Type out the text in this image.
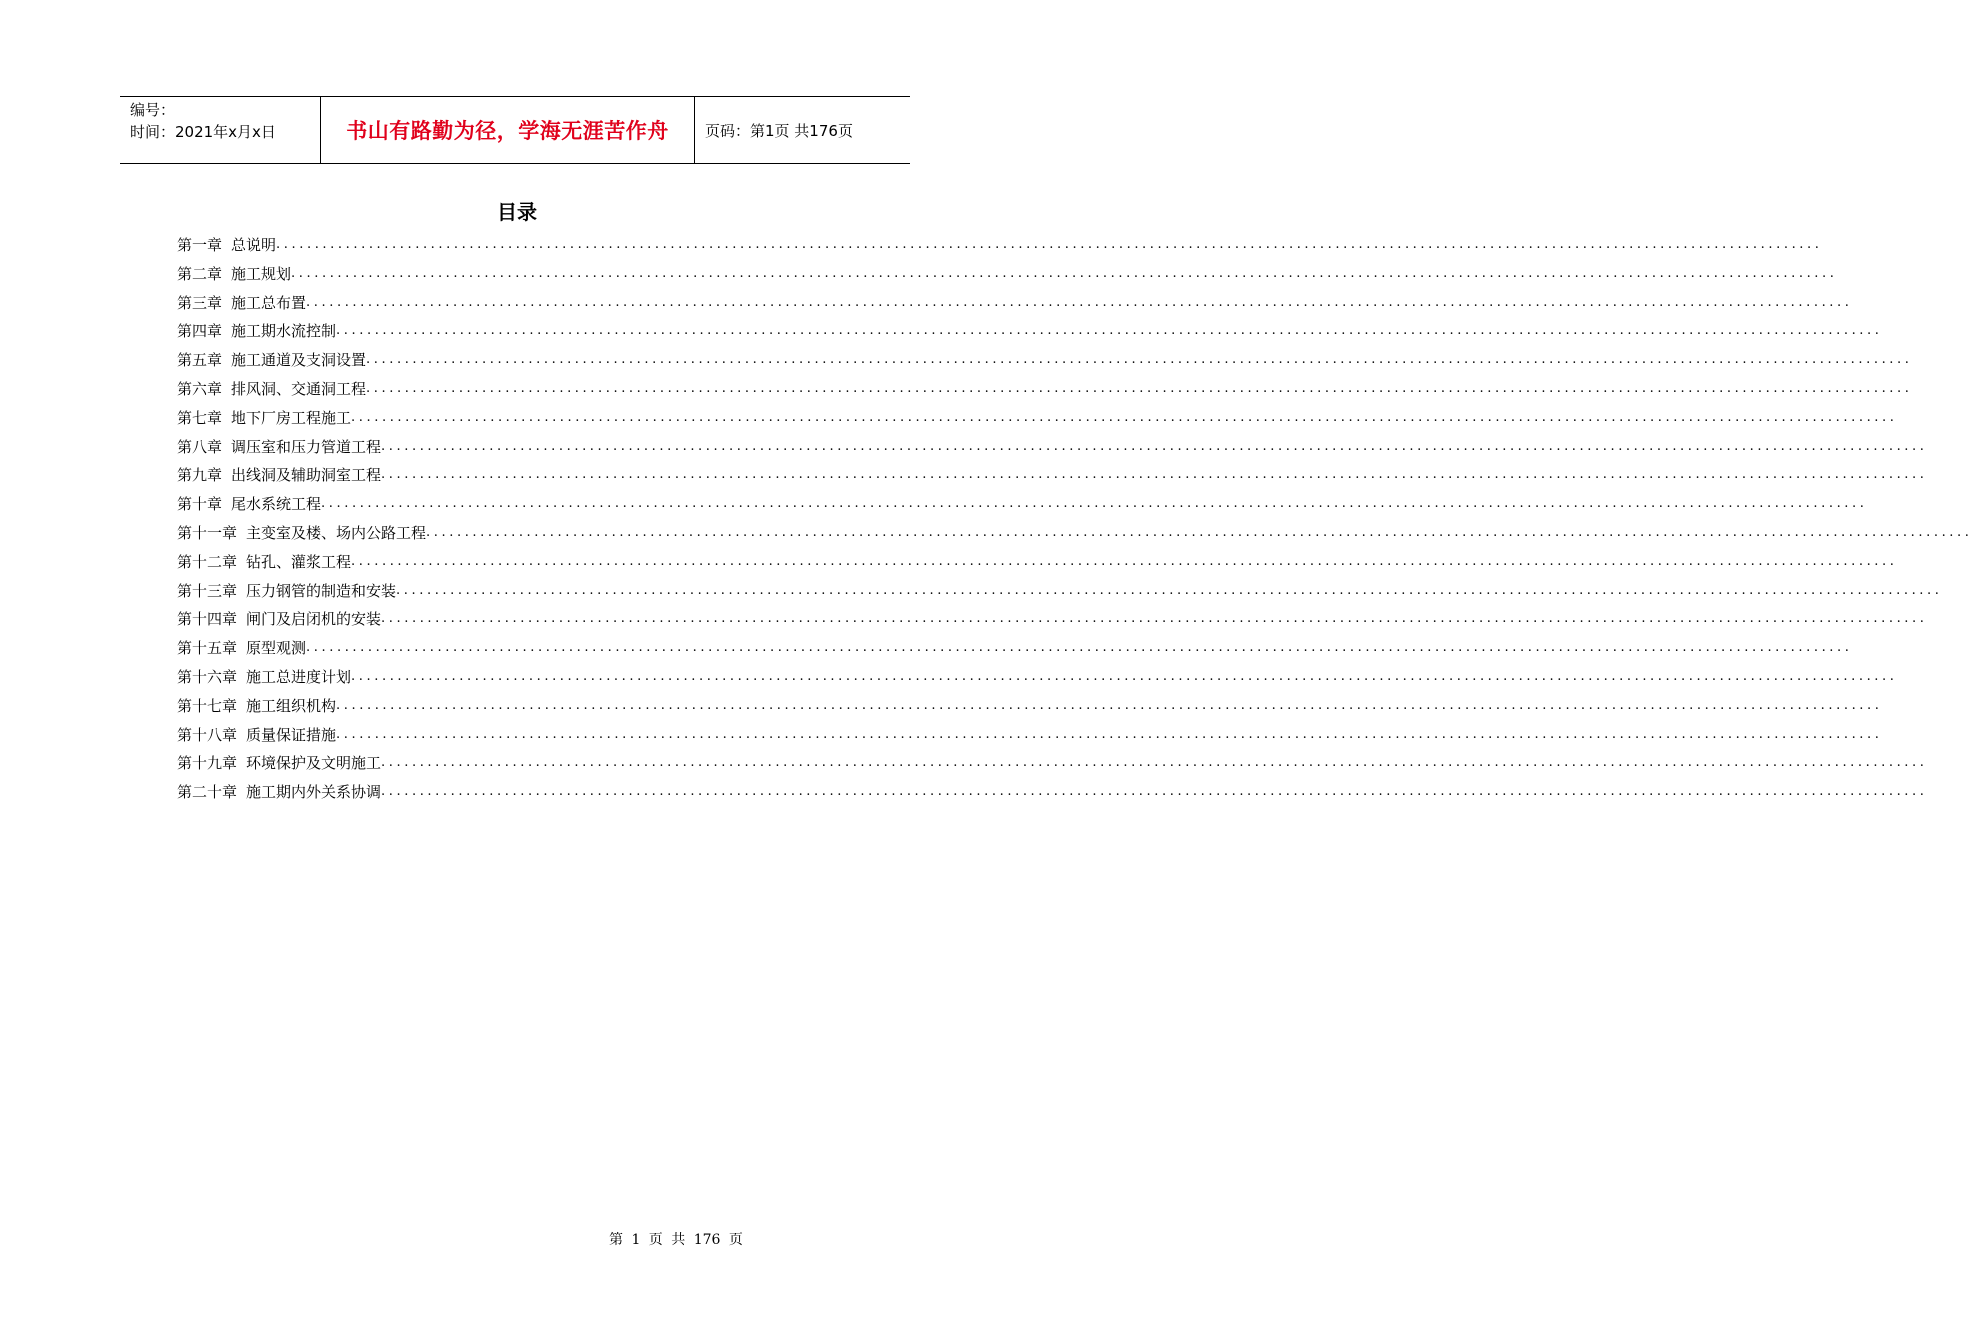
编号：
时间：2021年x月x日	书山有路勤为径，学海无涯苦作舟	页码：第1页 共176页
目录
第一章 总说明 ........................................................................................................................................................................................................
第二章 施工规划 ........................................................................................................................................................................................................
第三章 施工总布置 ........................................................................................................................................................................................................
第四章 施工期水流控制 ........................................................................................................................................................................................................
第五章 施工通道及支洞设置 ........................................................................................................................................................................................................
第六章 排风洞、交通洞工程 ........................................................................................................................................................................................................
第七章 地下厂房工程施工 ........................................................................................................................................................................................................
第八章 调压室和压力管道工程 ........................................................................................................................................................................................................
第九章 出线洞及辅助洞室工程 ........................................................................................................................................................................................................
第十章 尾水系统工程 ........................................................................................................................................................................................................
第十一章 主变室及楼、场内公路工程 ........................................................................................................................................................................................................
第十二章 钻孔、灌浆工程 ........................................................................................................................................................................................................
第十三章 压力钢管的制造和安装 ........................................................................................................................................................................................................
第十四章 闸门及启闭机的安装 ........................................................................................................................................................................................................
第十五章 原型观测 ........................................................................................................................................................................................................
第十六章 施工总进度计划 ........................................................................................................................................................................................................
第十七章 施工组织机构 ........................................................................................................................................................................................................
第十八章 质量保证措施 ........................................................................................................................................................................................................
第十九章 环境保护及文明施工 ........................................................................................................................................................................................................
第二十章 施工期内外关系协调 ........................................................................................................................................................................................................
第 1 页 共 176 页
